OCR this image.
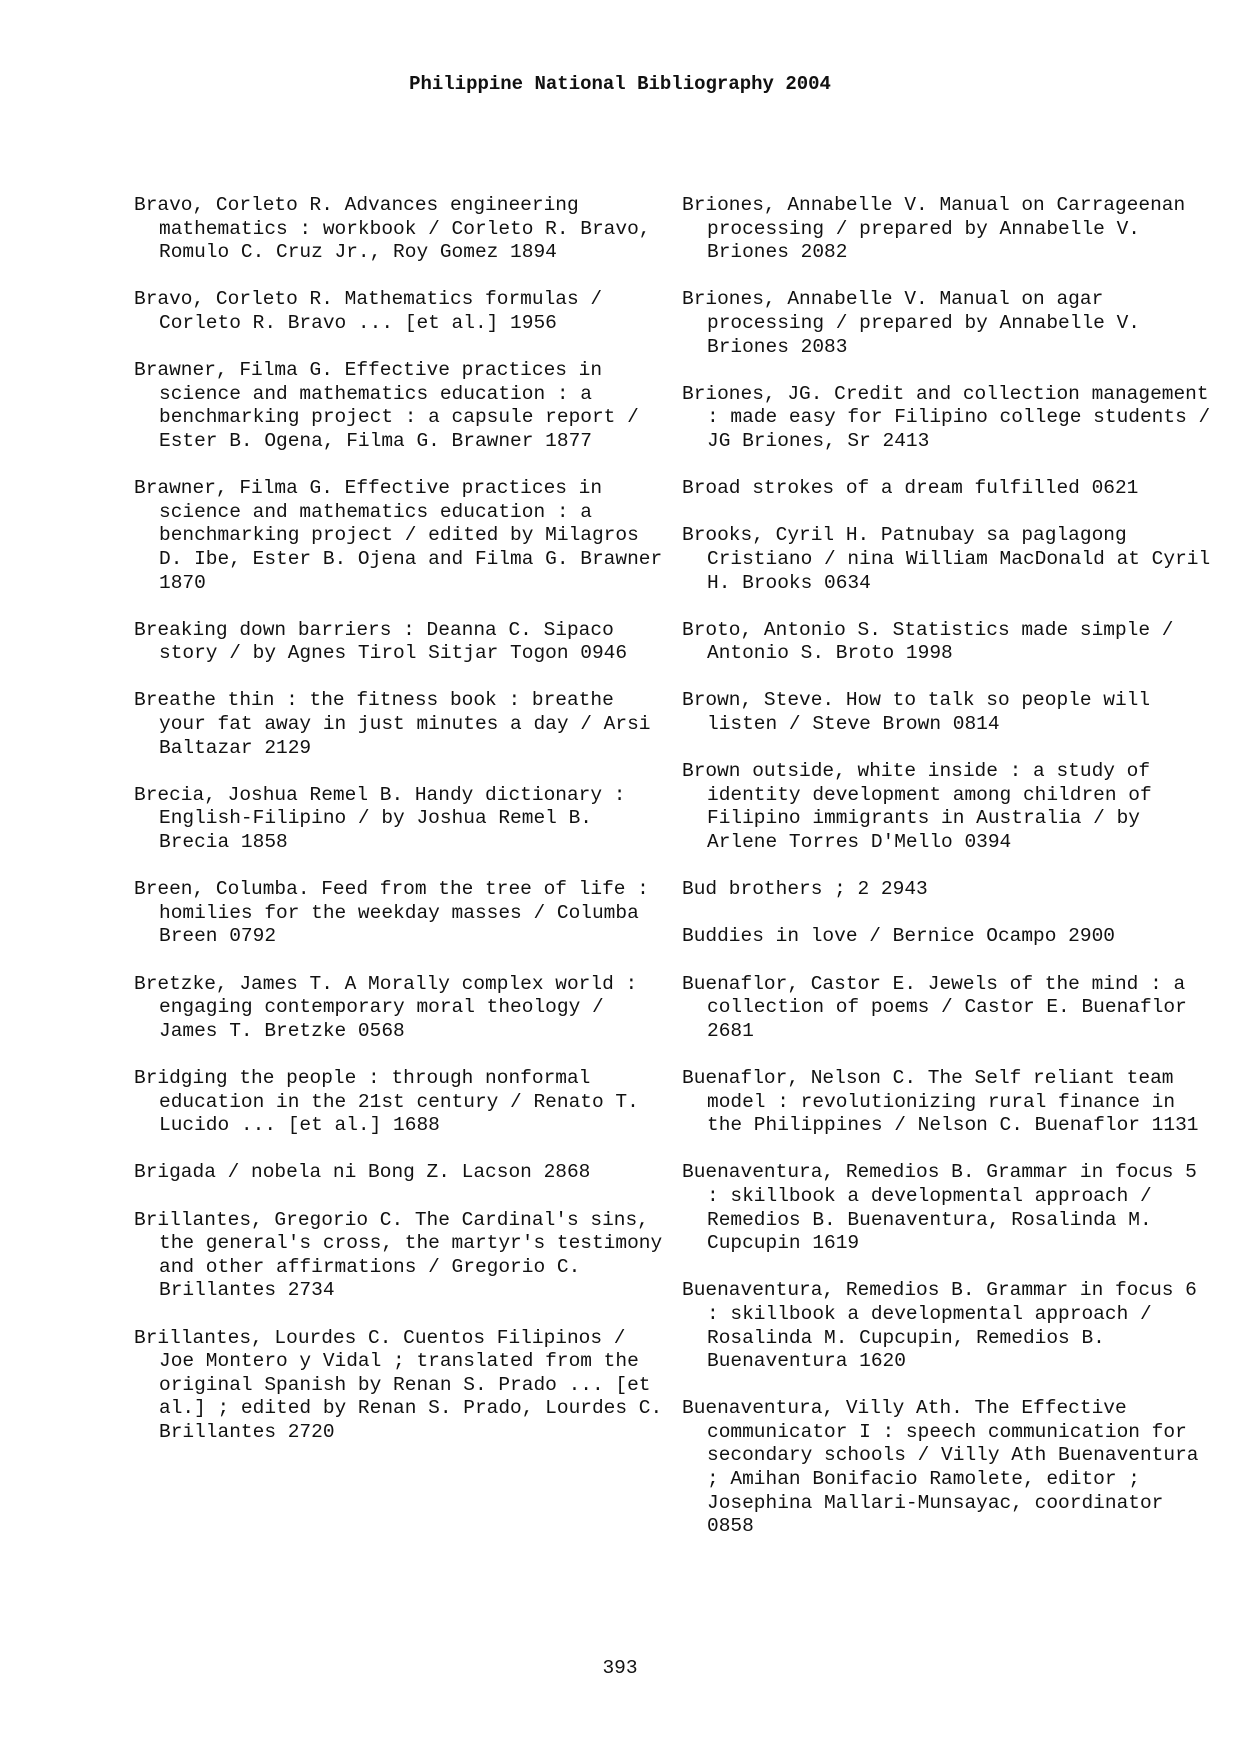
Philippine National Bibliography 2004

Bravo, Corleto R. Advances engineering mathematics : workbook / Corleto R. Bravo, Romulo C. Cruz Jr., Roy Gomez 1894

Bravo, Corleto R. Mathematics formulas / Corleto R. Bravo ... [et al.] 1956

Brawner, Filma G. Effective practices in science and mathematics education : a benchmarking project : a capsule report / Ester B. Ogena, Filma G. Brawner 1877

Brawner, Filma G. Effective practices in science and mathematics education : a benchmarking project / edited by Milagros D. Ibe, Ester B. Ojena and Filma G. Brawner 1870

Breaking down barriers : Deanna C. Sipaco story / by Agnes Tirol Sitjar Togon 0946

Breathe thin : the fitness book : breathe your fat away in just minutes a day / Arsi Baltazar 2129

Brecia, Joshua Remel B. Handy dictionary : English-Filipino / by Joshua Remel B. Brecia 1858

Breen, Columba. Feed from the tree of life : homilies for the weekday masses / Columba Breen 0792

Bretzke, James T. A Morally complex world : engaging contemporary moral theology / James T. Bretzke 0568

Bridging the people : through nonformal education in the 21st century / Renato T. Lucido ... [et al.] 1688

Brigada / nobela ni Bong Z. Lacson 2868

Brillantes, Gregorio C. The Cardinal's sins, the general's cross, the martyr's testimony and other affirmations / Gregorio C. Brillantes 2734

Brillantes, Lourdes C. Cuentos Filipinos / Joe Montero y Vidal ; translated from the original Spanish by Renan S. Prado ... [et al.] ; edited by Renan S. Prado, Lourdes C. Brillantes 2720

Briones, Annabelle V. Manual on Carrageenan processing / prepared by Annabelle V. Briones 2082

Briones, Annabelle V. Manual on agar processing / prepared by Annabelle V. Briones 2083

Briones, JG. Credit and collection management : made easy for Filipino college students / JG Briones, Sr 2413

Broad strokes of a dream fulfilled 0621

Brooks, Cyril H. Patnubay sa paglagong Cristiano / nina William MacDonald at Cyril H. Brooks 0634

Broto, Antonio S. Statistics made simple / Antonio S. Broto 1998

Brown, Steve. How to talk so people will listen / Steve Brown 0814

Brown outside, white inside : a study of identity development among children of Filipino immigrants in Australia / by Arlene Torres D'Mello 0394

Bud brothers ; 2 2943

Buddies in love / Bernice Ocampo 2900

Buenaflor, Castor E. Jewels of the mind : a collection of poems / Castor E. Buenaflor 2681

Buenaflor, Nelson C. The Self reliant team model : revolutionizing rural finance in the Philippines / Nelson C. Buenaflor 1131

Buenaventura, Remedios B. Grammar in focus 5 : skillbook a developmental approach / Remedios B. Buenaventura, Rosalinda M. Cupcupin 1619

Buenaventura, Remedios B. Grammar in focus 6 : skillbook a developmental approach / Rosalinda M. Cupcupin, Remedios B. Buenaventura 1620

Buenaventura, Villy Ath. The Effective communicator I : speech communication for secondary schools / Villy Ath Buenaventura ; Amihan Bonifacio Ramolete, editor ; Josephina Mallari-Munsayac, coordinator 0858

393
